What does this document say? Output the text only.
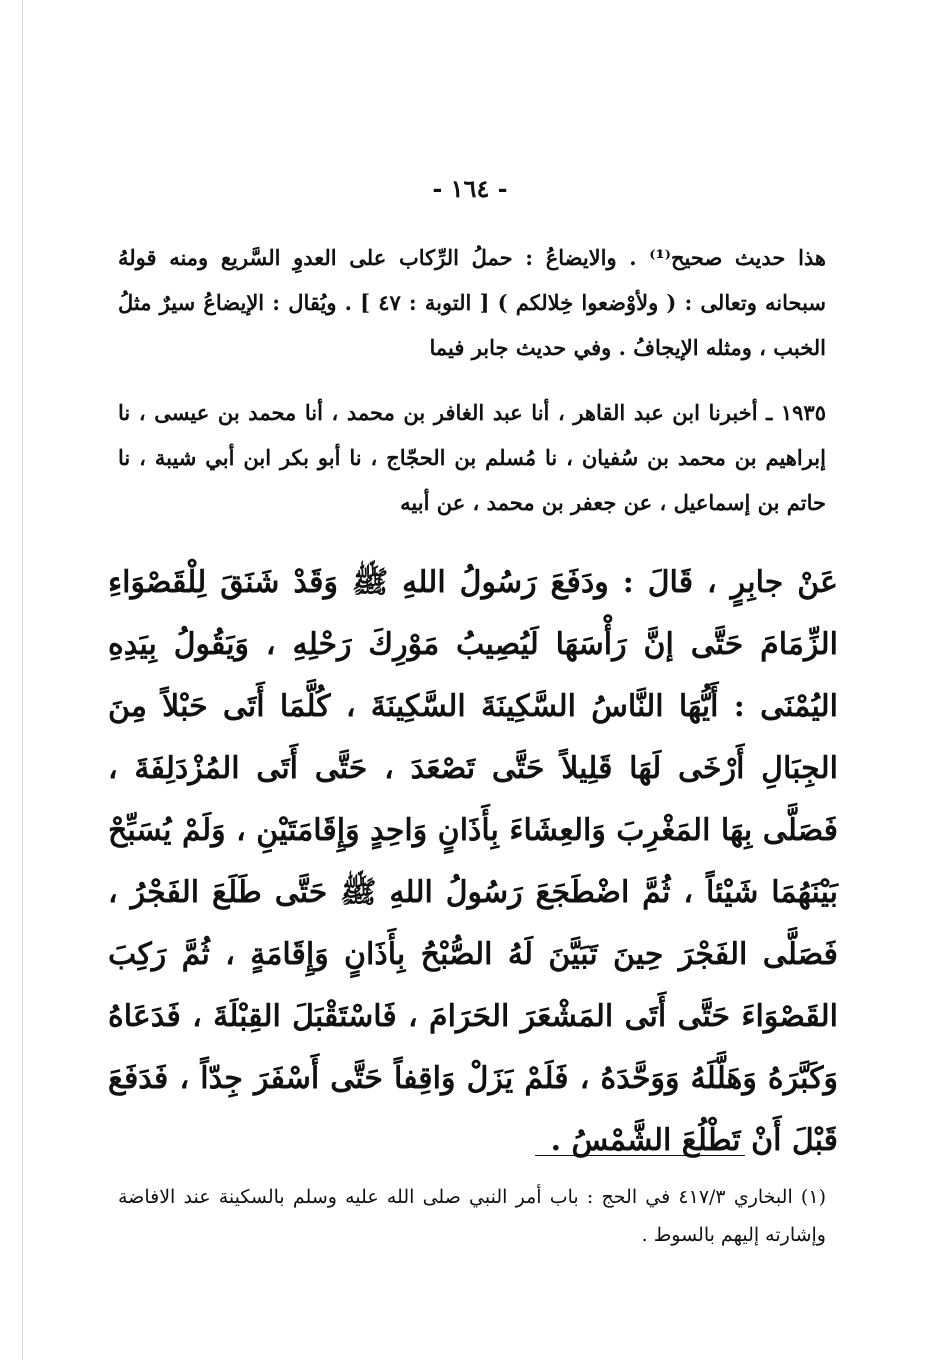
- ١٦٤ -

هذا حديث صحيح⁽¹⁾ . والايضاعُ : حملُ الرِّكاب على العدوِ السَّريع ومنه قولهُ سبحانه وتعالى : ( ولأوْضعوا خِلالكم ) [ التوبة : ٤٧ ] . ويُقال : الإيضاعُ سيرٌ مثلُ الخبب ، ومثله الإيجافُ . وفي حديث جابر فيما

١٩٣٥ ـ أخبرنا ابن عبد القاهر ، أنا عبد الغافر بن محمد ، أنا محمد بن عيسى ، نا إبراهيم بن محمد بن سُفيان ، نا مُسلم بن الحجّاج ، نا أبو بكر ابن أبي شيبة ، نا حاتم بن إسماعيل ، عن جعفر بن محمد ، عن أبيه

عَنْ جابِرٍ ، قَالَ : ودَفَعَ رَسُولُ اللهِ ﷺ وَقَدْ شَنَقَ لِلْقَصْوَاءِ الزِّمَامَ حَتَّى إنَّ رَأْسَهَا لَيُصِيبُ مَوْرِكَ رَحْلِهِ ، وَيَقُولُ بِيَدِهِ اليُمْنَى : أَيُّهَا النَّاسُ السَّكِينَةَ السَّكِينَةَ ، كُلَّمَا أَتَى حَبْلاً مِنَ الجِبَالِ أَرْخَى لَهَا قَلِيلاً حَتَّى تَصْعَدَ ، حَتَّى أَتَى المُزْدَلِفَةَ ، فَصَلَّى بِهَا المَغْرِبَ وَالعِشَاءَ بِأَذَانٍ وَاحِدٍ وَإِقَامَتَيْنِ ، وَلَمْ يُسَبِّحْ بَيْنَهُمَا شَيْئاً ، ثُمَّ اضْطَجَعَ رَسُولُ اللهِ ﷺ حَتَّى طَلَعَ الفَجْرُ ، فَصَلَّى الفَجْرَ حِينَ تَبَيَّنَ لَهُ الصُّبْحُ بِأَذَانٍ وَإِقَامَةٍ ، ثُمَّ رَكِبَ القَصْوَاءَ حَتَّى أَتَى المَشْعَرَ الحَرَامَ ، فَاسْتَقْبَلَ القِبْلَةَ ، فَدَعَاهُ وَكَبَّرَهُ وَهَلَّلَهُ وَوَحَّدَهُ ، فَلَمْ يَزَلْ وَاقِفاً حَتَّى أَسْفَرَ جِدّاً ، فَدَفَعَ قَبْلَ أَنْ تَطْلُعَ الشَّمْسُ .

(١) البخاري ٤١٧/٣ في الحج : باب أمر النبي صلى الله عليه وسلم بالسكينة عند الافاضة وإشارته إليهم بالسوط .
